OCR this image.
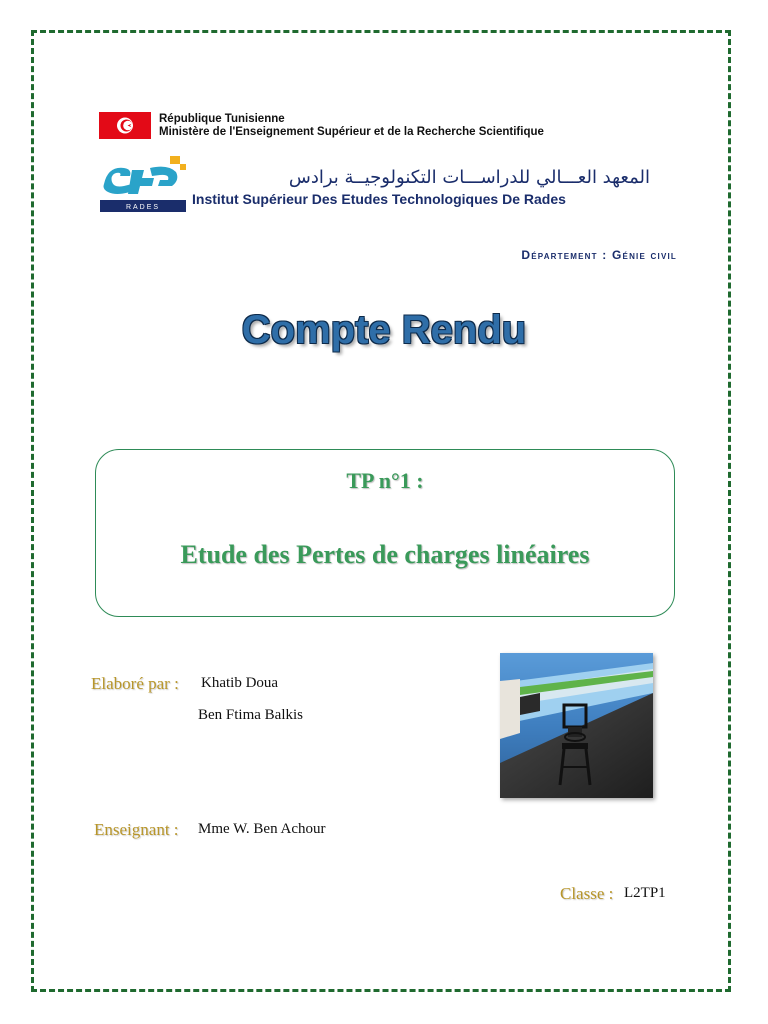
République Tunisienne
Ministère de l'Enseignement Supérieur et de la Recherche Scientifique
RADES
المعهد العـــالي للدراســـات التكنولوجيــة برادس
Institut Supérieur Des Etudes Technologiques De Rades
Département : Génie civil
Compte Rendu
TP n°1 :
Etude des Pertes de charges linéaires
Elaboré par : Khatib Doua
Ben Ftima Balkis
Enseignant : Mme W. Ben Achour
Classe : L2TP1
